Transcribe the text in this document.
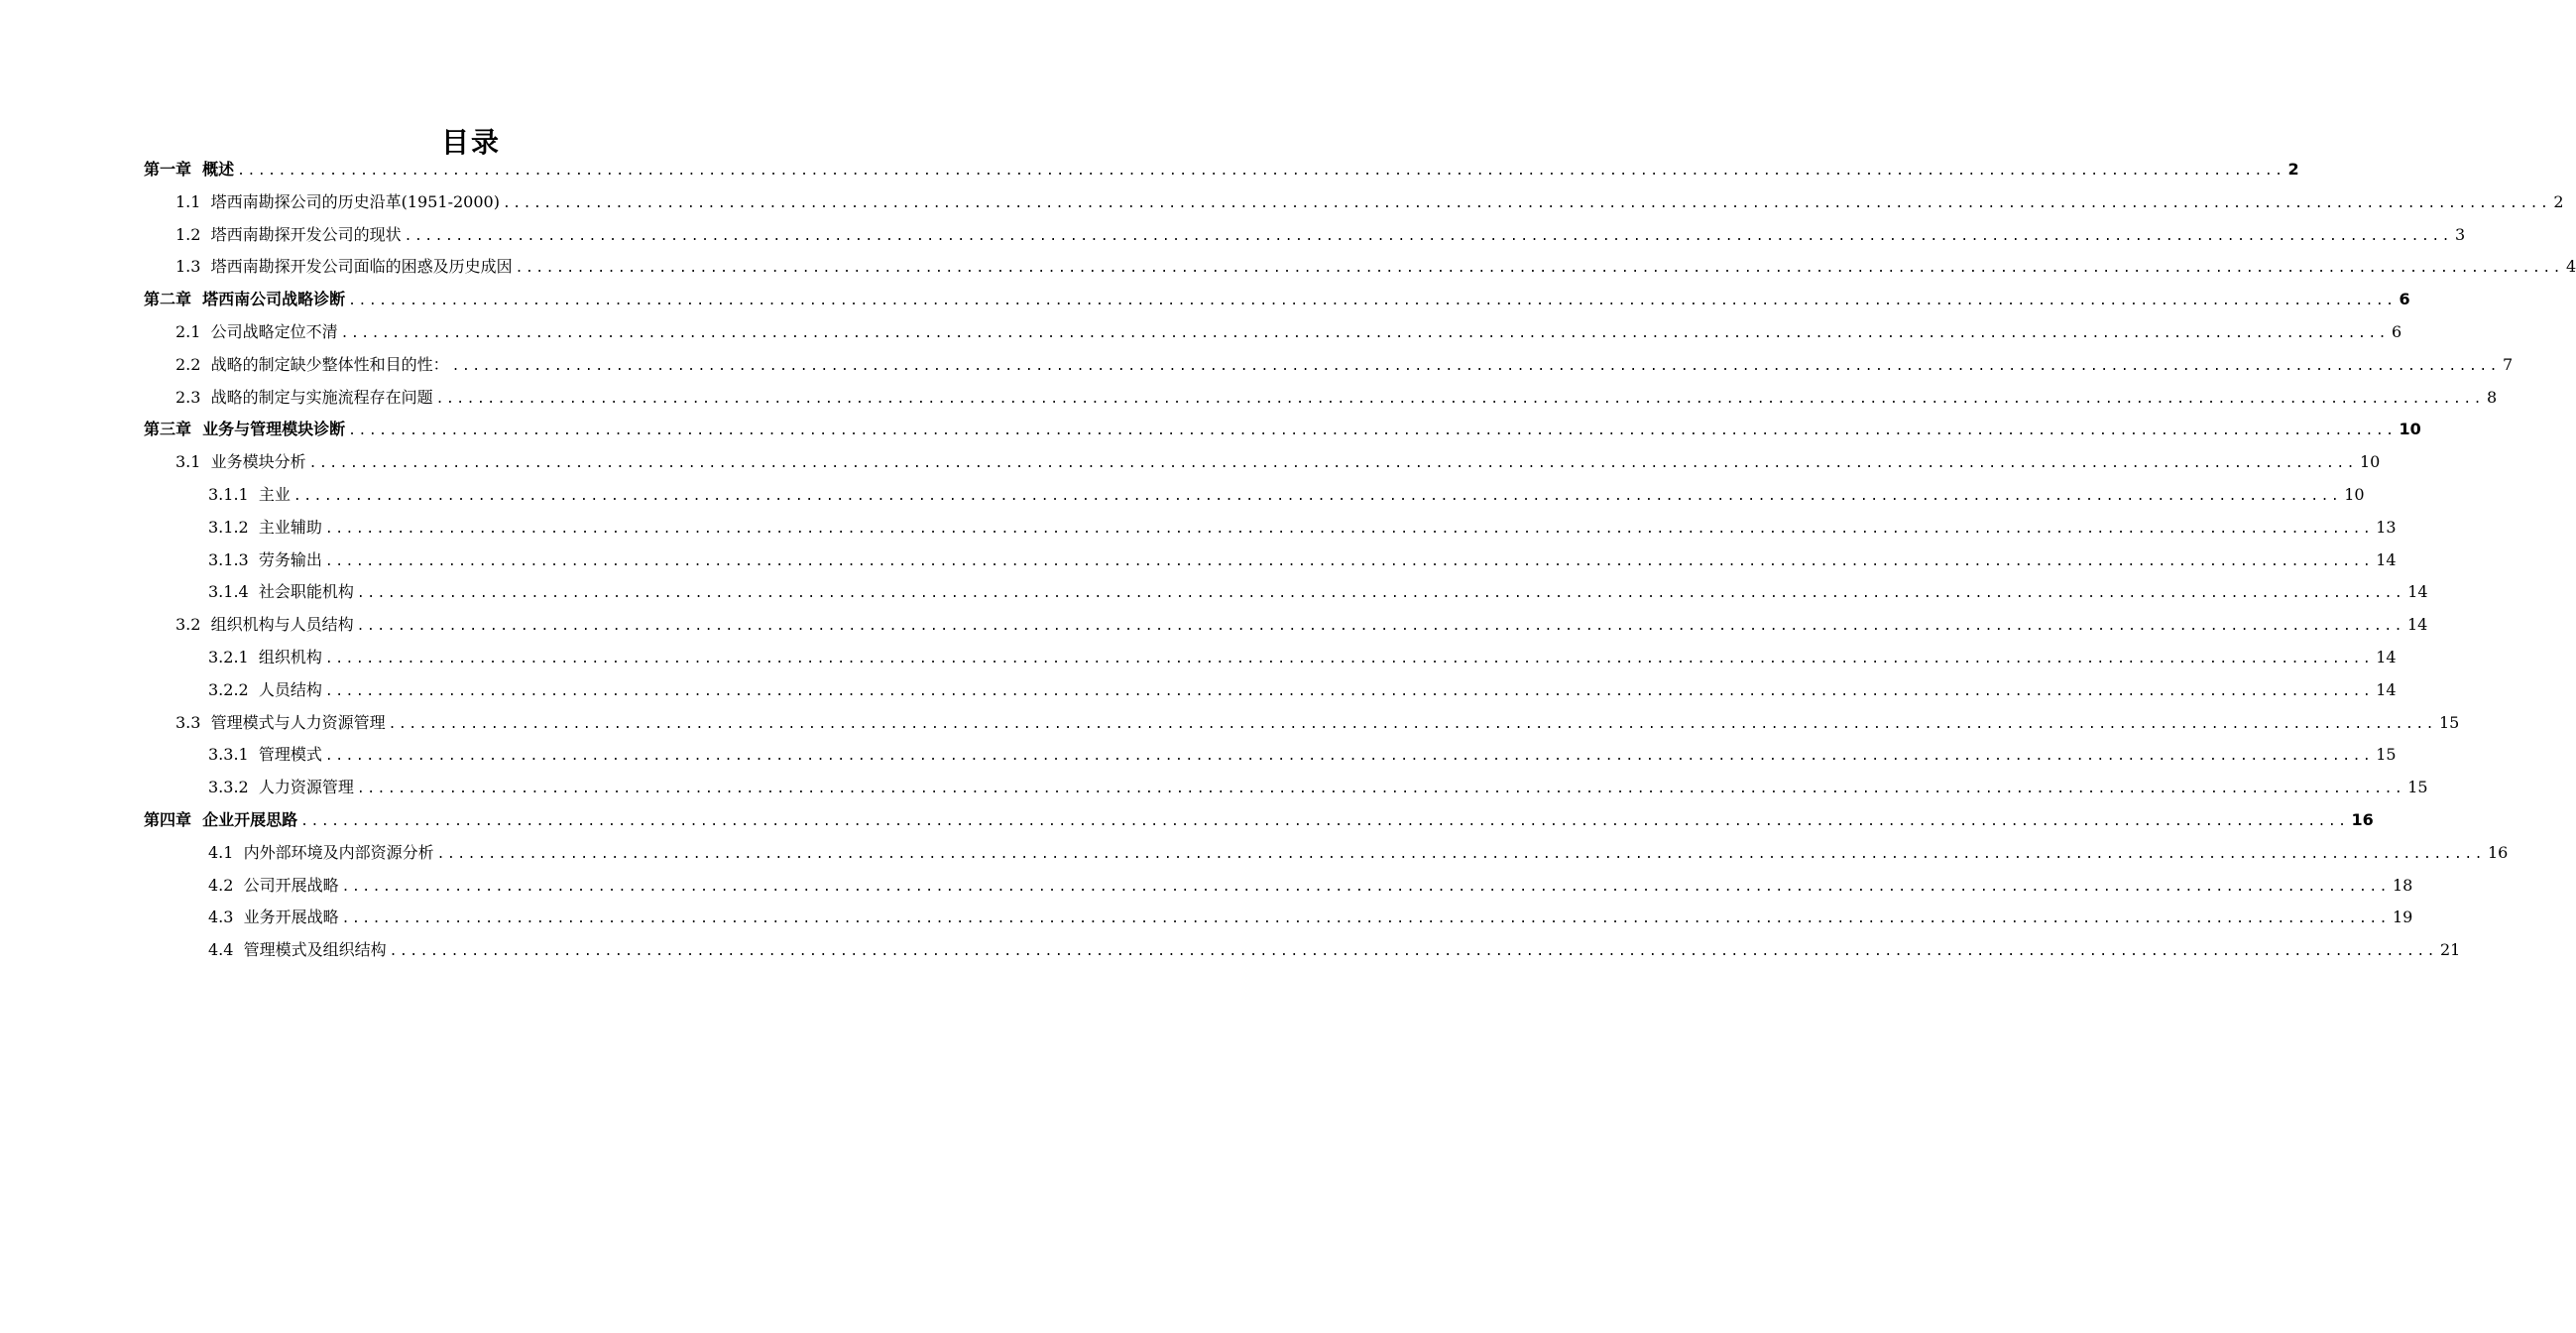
目录
第一章
概述 ........................................................................................................................................................................................................ 2
1.1
塔西南勘探公司的历史沿革(1951-2000) ........................................................................................................................................................................................................ 2
1.2
塔西南勘探开发公司的现状 ........................................................................................................................................................................................................ 3
1.3
塔西南勘探开发公司面临的困惑及历史成因 ........................................................................................................................................................................................................ 4
第二章
塔西南公司战略诊断 ........................................................................................................................................................................................................ 6
2.1
公司战略定位不清 ........................................................................................................................................................................................................ 6
2.2
战略的制定缺少整体性和目的性： ........................................................................................................................................................................................................ 7
2.3
战略的制定与实施流程存在问题 ........................................................................................................................................................................................................ 8
第三章
业务与管理模块诊断 ........................................................................................................................................................................................................ 10
3.1
业务模块分析 ........................................................................................................................................................................................................ 10
3.1.1
主业 ........................................................................................................................................................................................................ 10
3.1.2
主业辅助 ........................................................................................................................................................................................................ 13
3.1.3
劳务输出 ........................................................................................................................................................................................................ 14
3.1.4
社会职能机构 ........................................................................................................................................................................................................ 14
3.2
组织机构与人员结构 ........................................................................................................................................................................................................ 14
3.2.1
组织机构 ........................................................................................................................................................................................................ 14
3.2.2
人员结构 ........................................................................................................................................................................................................ 14
3.3
管理模式与人力资源管理 ........................................................................................................................................................................................................ 15
3.3.1
管理模式 ........................................................................................................................................................................................................ 15
3.3.2
人力资源管理 ........................................................................................................................................................................................................ 15
第四章
企业开展思路 ........................................................................................................................................................................................................ 16
4.1
内外部环境及内部资源分析 ........................................................................................................................................................................................................ 16
4.2
公司开展战略 ........................................................................................................................................................................................................ 18
4.3
业务开展战略 ........................................................................................................................................................................................................ 19
4.4
管理模式及组织结构 ........................................................................................................................................................................................................ 21
